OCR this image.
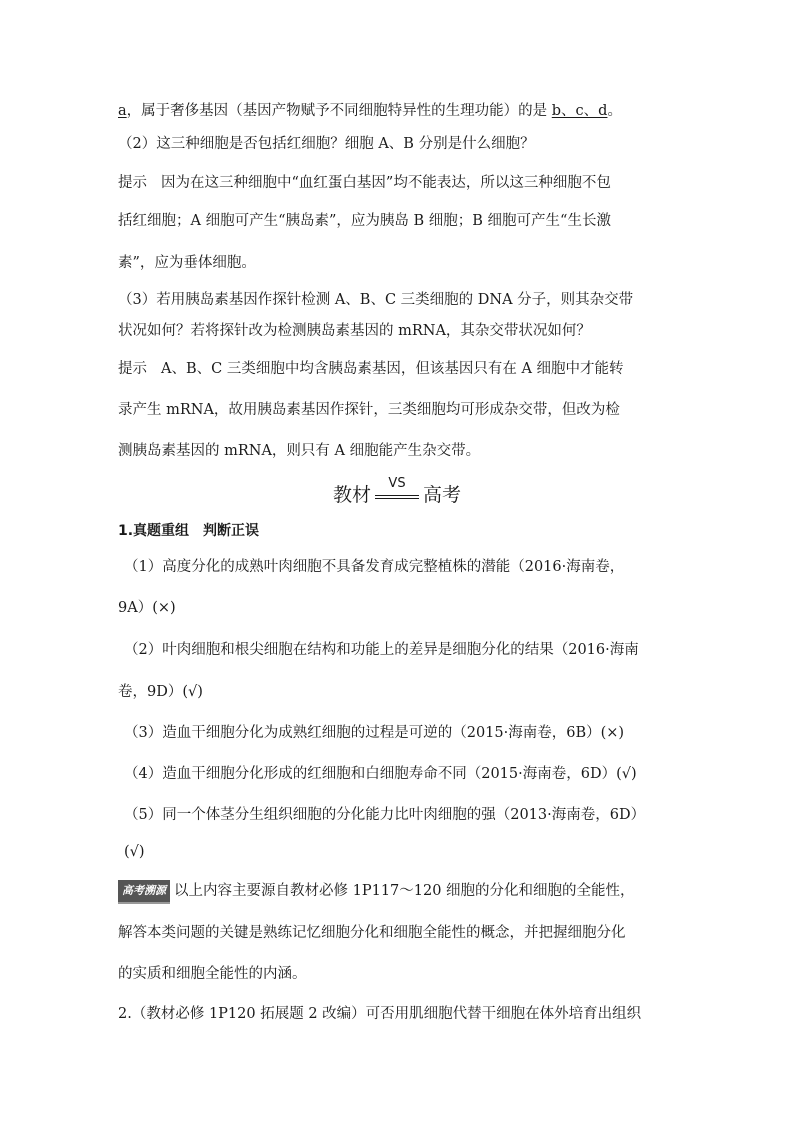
a，属于奢侈基因（基因产物赋予不同细胞特异性的生理功能）的是 b、c、d。
（2）这三种细胞是否包括红细胞？细胞 A、B 分别是什么细胞？
提示 因为在这三种细胞中“血红蛋白基因”均不能表达，所以这三种细胞不包
括红细胞；A 细胞可产生“胰岛素”，应为胰岛 B 细胞；B 细胞可产生“生长激
素”，应为垂体细胞。
（3）若用胰岛素基因作探针检测 A、B、C 三类细胞的 DNA 分子，则其杂交带
状况如何？若将探针改为检测胰岛素基因的 mRNA，其杂交带状况如何？
提示 A、B、C 三类细胞中均含胰岛素基因，但该基因只有在 A 细胞中才能转
录产生 mRNA，故用胰岛素基因作探针，三类细胞均可形成杂交带，但改为检
测胰岛素基因的 mRNA，则只有 A 细胞能产生杂交带。
教材	VS 高考
1.真题重组　判断正误
（1）高度分化的成熟叶肉细胞不具备发育成完整植株的潜能（2016·海南卷，
9A）(×)
（2）叶肉细胞和根尖细胞在结构和功能上的差异是细胞分化的结果（2016·海南
卷，9D）(√)
（3）造血干细胞分化为成熟红细胞的过程是可逆的（2015·海南卷，6B）(×)
（4）造血干细胞分化形成的红细胞和白细胞寿命不同（2015·海南卷，6D）(√)
（5）同一个体茎分生组织细胞的分化能力比叶肉细胞的强（2013·海南卷，6D）
(√)
高考溯源 以上内容主要源自教材必修 1P117～120 细胞的分化和细胞的全能性，
解答本类问题的关键是熟练记忆细胞分化和细胞全能性的概念，并把握细胞分化
的实质和细胞全能性的内涵。
2.（教材必修 1P120 拓展题 2 改编）可否用肌细胞代替干细胞在体外培育出组织
